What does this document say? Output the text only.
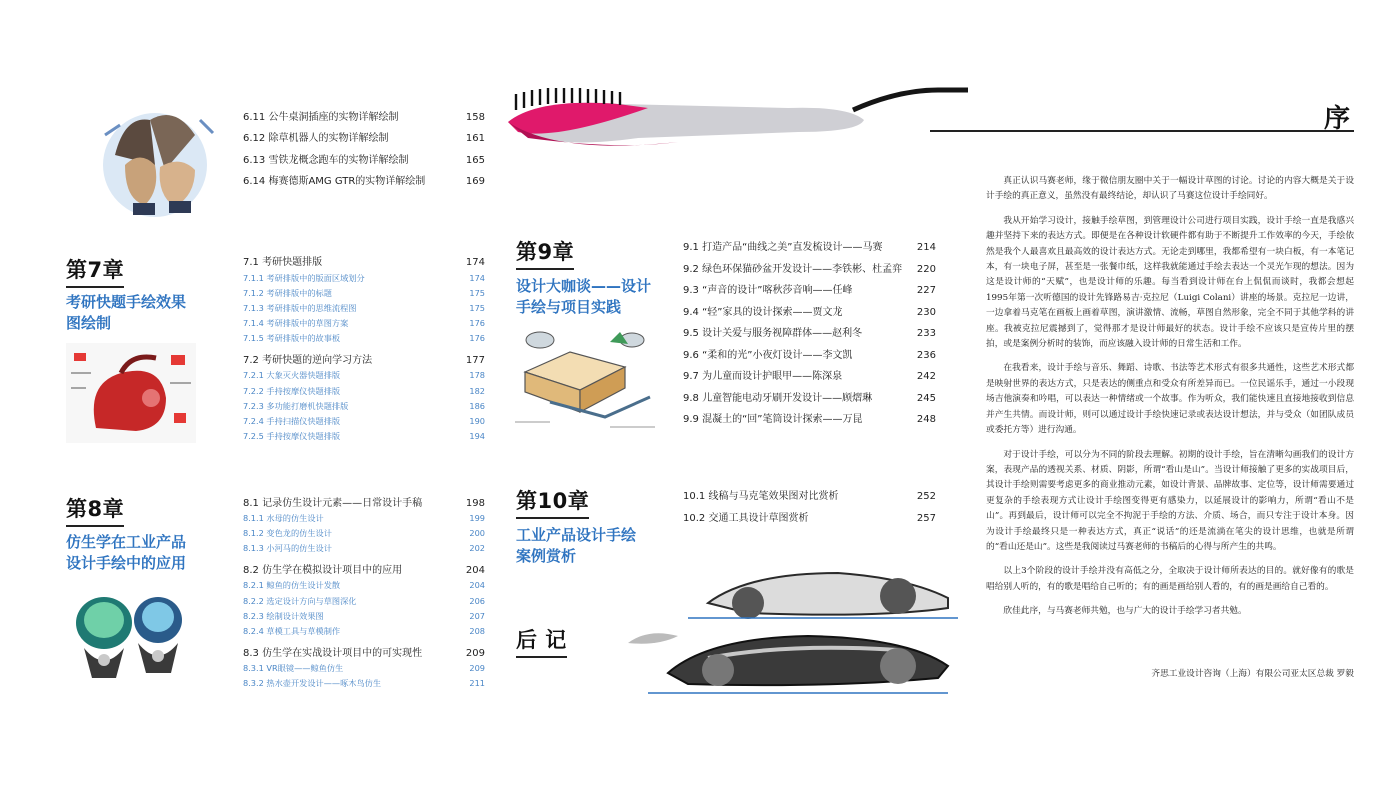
6.11 公牛桌洞插座的实物详解绘制	158
6.12 除草机器人的实物详解绘制	161
6.13 雪铁龙概念跑车的实物详解绘制	165
6.14 梅赛德斯AMG GTR的实物详解绘制	169
第7章
考研快题手绘效果
图绘制
7.1 考研快题排版	174
7.1.1 考研排版中的版面区域划分	174
7.1.2 考研排版中的标题	175
7.1.3 考研排版中的思维流程图	175
7.1.4 考研排版中的草图方案	176
7.1.5 考研排版中的故事板	176
7.2 考研快题的逆向学习方法	177
7.2.1 大象灭火器快题排版	178
7.2.2 手持按摩仪快题排版	182
7.2.3 多功能打磨机快题排版	186
7.2.4 手持扫描仪快题排版	190
7.2.5 手持按摩仪快题排版	194
第8章
仿生学在工业产品
设计手绘中的应用
8.1 记录仿生设计元素——日常设计手稿	198
8.1.1 水母的仿生设计	199
8.1.2 变色龙的仿生设计	200
8.1.3 小河马的仿生设计	202
8.2 仿生学在模拟设计项目中的应用	204
8.2.1 鲸鱼的仿生设计发散	204
8.2.2 选定设计方向与草图深化	206
8.2.3 绘制设计效果图	207
8.2.4 草模工具与草模制作	208
8.3 仿生学在实战设计项目中的可实现性	209
8.3.1 VR眼镜——鲸鱼仿生	209
8.3.2 热水壶开发设计——啄木鸟仿生	211
第9章
设计大咖谈——设计
手绘与项目实践
9.1 打造产品“曲线之美”直发梳设计——马赛	214
9.2 绿色环保猫砂盆开发设计——李铁彬、杜孟弈 220
9.3 “声音的设计”喀秋莎音响——任峰	227
9.4 “轻”家具的设计探索——贾文龙	230
9.5 设计关爱与服务视障群体——赵利冬	233
9.6 “柔和的光”小夜灯设计——李文凯	236
9.7 为儿童而设计护眼甲——陈深泉	242
9.8 儿童智能电动牙刷开发设计——顾熠琳	245
9.9 混凝土的“回”笔筒设计探索——万昆	248
第10章
工业产品设计手绘
案例赏析
10.1 线稿与马克笔效果图对比赏析	252
10.2 交通工具设计草图赏析	257
后 记
序

真正认识马赛老师，缘于微信朋友圈中关于一幅设计草图的讨论。讨论的内容大概是关于设计手绘的真正意义，虽然没有最终结论，却认识了马赛这位设计手绘同好。

我从开始学习设计，接触手绘草图，到管理设计公司进行项目实践，设计手绘一直是我感兴趣并坚持下来的表达方式。即便是在各种设计软硬件都有助于不断提升工作效率的今天，手绘依然是我个人最喜欢且最高效的设计表达方式。无论走到哪里，我都希望有一块白板，有一本笔记本，有一块电子屏，甚至是一张餐巾纸，这样我就能通过手绘去表达一个灵光乍现的想法。因为这是设计师的“天赋”，也是设计师的乐趣。每当看到设计师在台上侃侃而谈时，我都会想起1995年第一次听德国的设计先锋路易吉·克拉尼（Luigi Colani）讲座的场景。克拉尼一边讲，一边拿着马克笔在画板上画着草图，演讲激情、流畅，草图自然形象，完全不同于其他学科的讲座。我被克拉尼震撼到了，觉得那才是设计师最好的状态。设计手绘不应该只是宣传片里的摆拍，或是案例分析时的装饰，而应该融入设计师的日常生活和工作。

在我看来，设计手绘与音乐、舞蹈、诗歌、书法等艺术形式有很多共通性，这些艺术形式都是映射世界的表达方式，只是表达的侧重点和受众有所差异而已。一位民谣乐手，通过一小段现场吉他演奏和吟唱，可以表达一种情绪或一个故事。作为听众，我们能快速且直接地接收到信息并产生共情。而设计师，则可以通过设计手绘快速记录或表达设计想法，并与受众（如团队成员或委托方等）进行沟通。

对于设计手绘，可以分为不同的阶段去理解。初期的设计手绘，旨在清晰勾画我们的设计方案，表现产品的透视关系、材质、阴影，所谓“看山是山”。当设计师接触了更多的实战项目后，其设计手绘则需要考虑更多的商业推动元素，如设计背景、品牌故事、定位等，设计师需要通过更复杂的手绘表现方式让设计手绘图变得更有感染力，以延展设计的影响力，所谓“看山不是山”。再到最后，设计师可以完全不拘泥于手绘的方法、介质、场合，而只专注于设计本身。因为设计手绘最终只是一种表达方式，真正“说话”的还是流淌在笔尖的设计思维，也就是所谓的“看山还是山”。这些是我阅读过马赛老师的书稿后的心得与所产生的共鸣。

以上3个阶段的设计手绘并没有高低之分，全取决于设计师所表达的目的。就好像有的歌是唱给别人听的，有的歌是唱给自己听的；有的画是画给别人看的，有的画是画给自己看的。

欣佳此序，与马赛老师共勉，也与广大的设计手绘学习者共勉。

齐思工业设计咨询（上海）有限公司亚太区总裁 罗毅
